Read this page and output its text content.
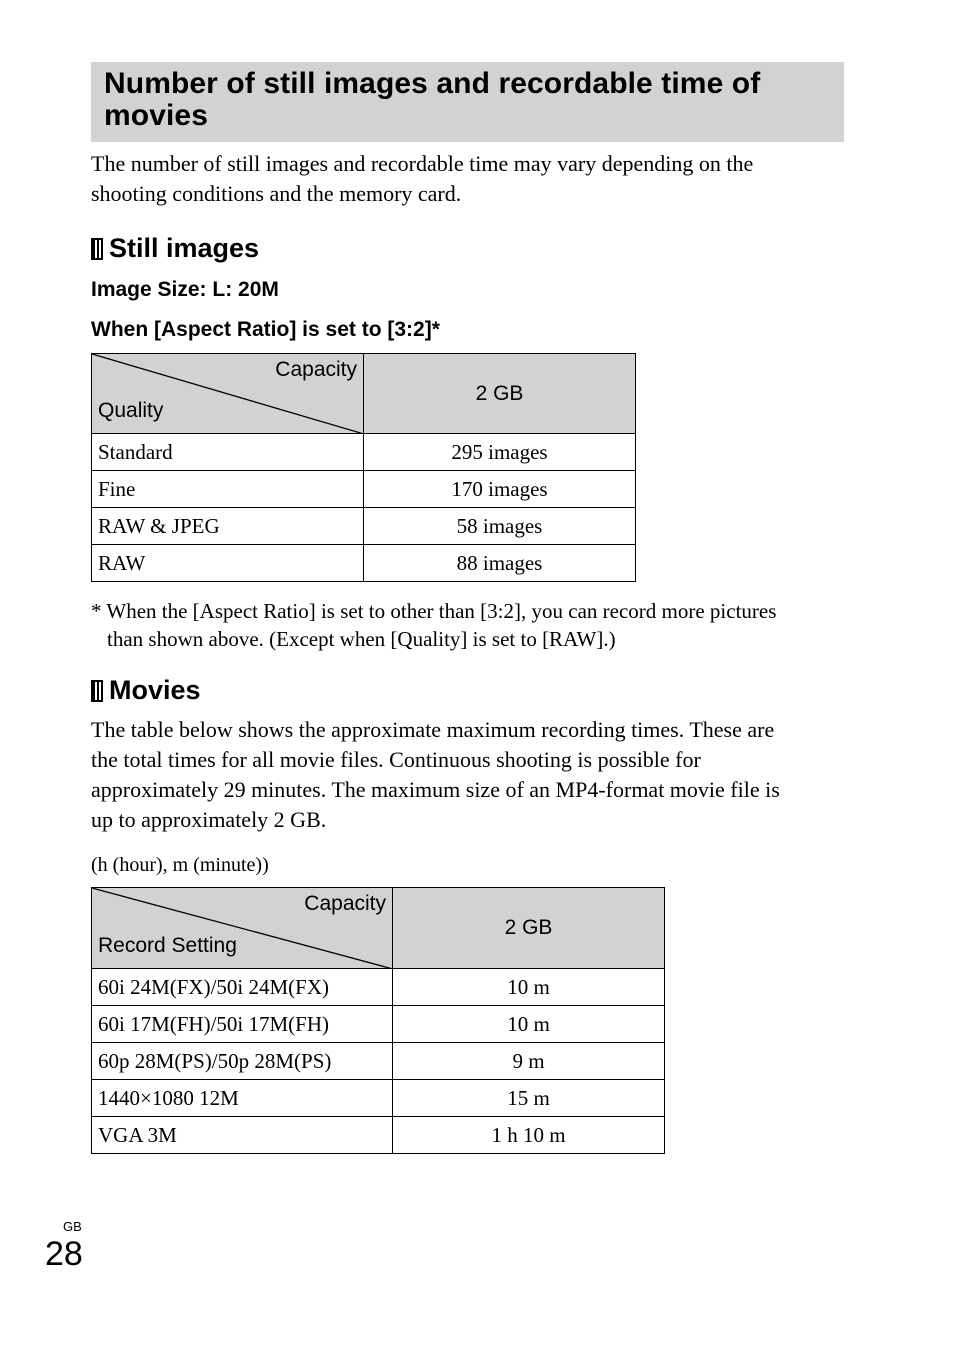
Number of still images and recordable time of movies
The number of still images and recordable time may vary depending on the
shooting conditions and the memory card.
Still images
Image Size: L: 20M
When [Aspect Ratio] is set to [3:2]*
Capacity
Quality	2 GB
Standard	295 images
Fine	170 images
RAW & JPEG	58 images
RAW	88 images
* When the [Aspect Ratio] is set to other than [3:2], you can record more pictures
than shown above. (Except when [Quality] is set to [RAW].)
Movies
The table below shows the approximate maximum recording times. These are
the total times for all movie files. Continuous shooting is possible for
approximately 29 minutes. The maximum size of an MP4-format movie file is
up to approximately 2 GB.
(h (hour), m (minute))
Capacity
Record Setting	2 GB
60i 24M(FX)/50i 24M(FX)	10 m
60i 17M(FH)/50i 17M(FH)	10 m
60p 28M(PS)/50p 28M(PS)	9 m
1440×1080 12M	15 m
VGA 3M	1 h 10 m
GB
28
